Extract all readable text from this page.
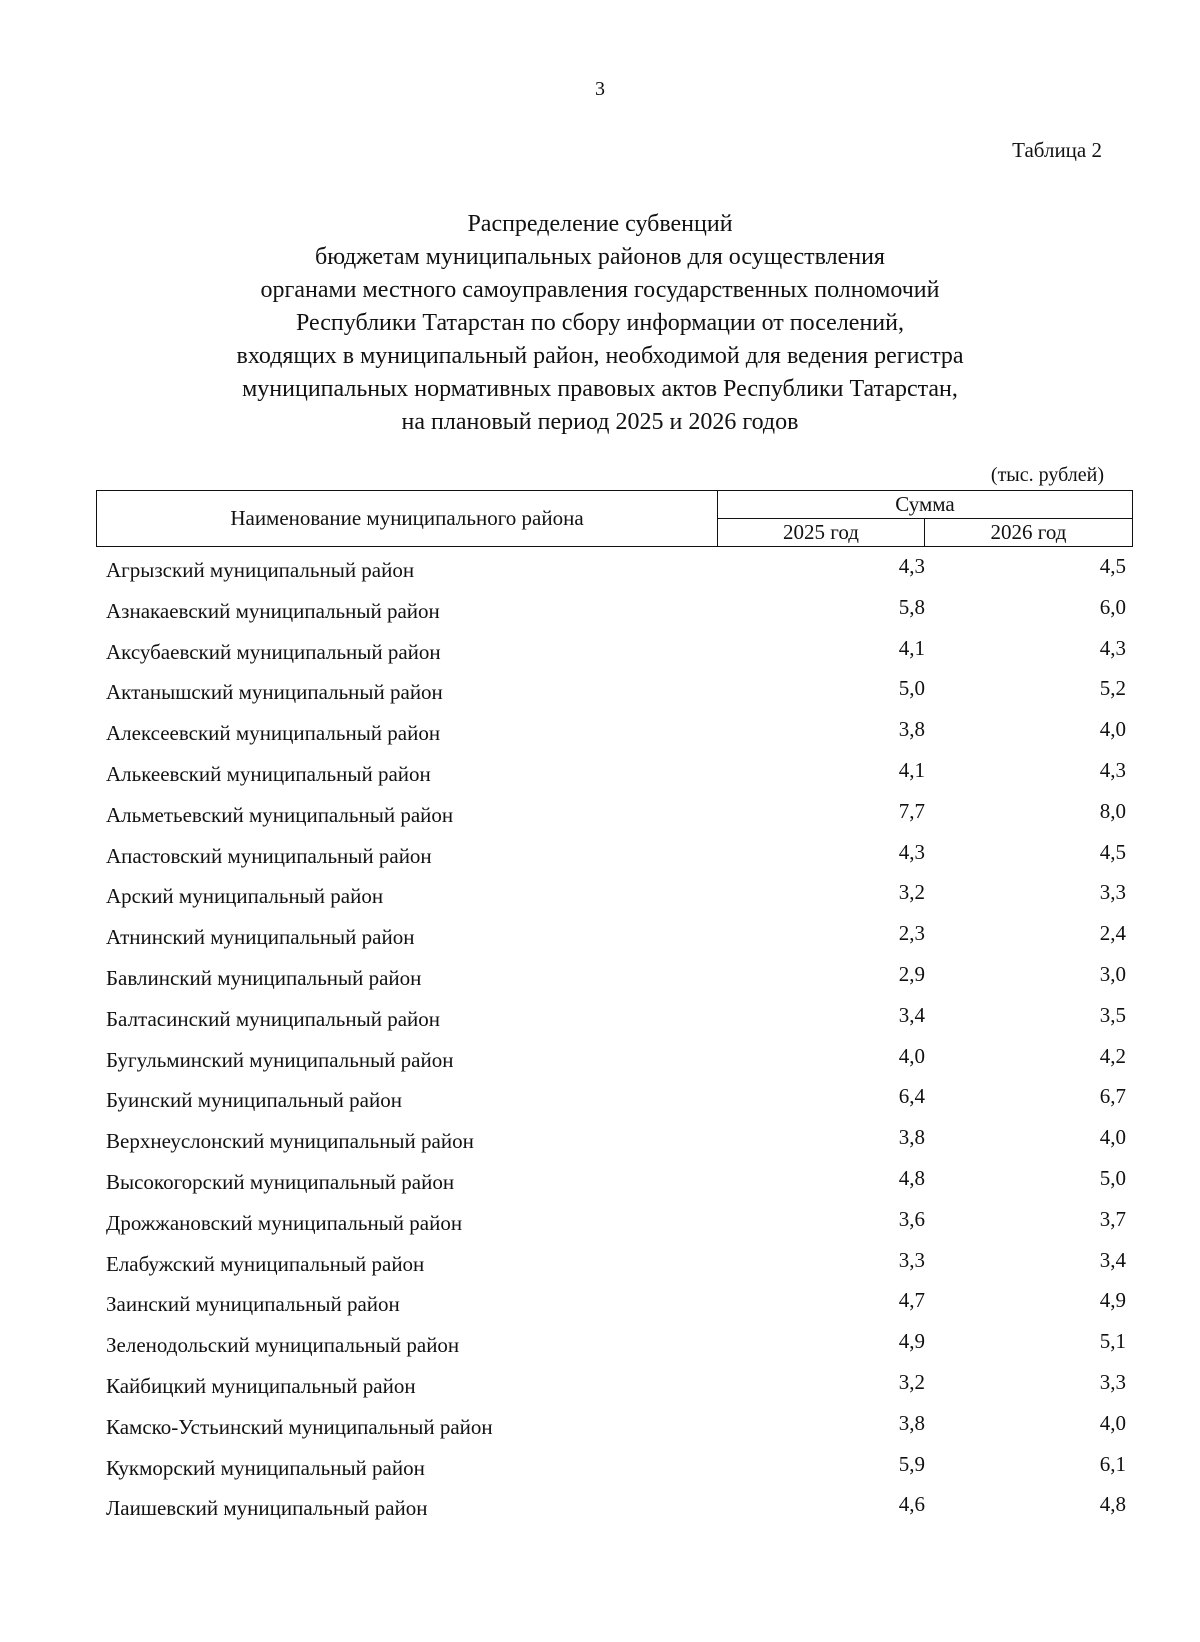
3
Таблица 2
Распределение субвенций
бюджетам муниципальных районов для осуществления
органами местного самоуправления государственных полномочий
Республики Татарстан по сбору информации от поселений,
входящих в муниципальный район, необходимой для ведения регистра
муниципальных нормативных правовых актов Республики Татарстан,
на плановый период 2025 и 2026 годов
(тыс. рублей)
Наименование муниципального района
Сумма
2025 год	2026 год
Агрызский муниципальный район	4,3	4,5
Азнакаевский муниципальный район	5,8	6,0
Аксубаевский муниципальный район	4,1	4,3
Актанышский муниципальный район	5,0	5,2
Алексеевский муниципальный район	3,8	4,0
Алькеевский муниципальный район	4,1	4,3
Альметьевский муниципальный район	7,7	8,0
Апастовский муниципальный район	4,3	4,5
Арский муниципальный район	3,2	3,3
Атнинский муниципальный район	2,3	2,4
Бавлинский муниципальный район	2,9	3,0
Балтасинский муниципальный район	3,4	3,5
Бугульминский муниципальный район	4,0	4,2
Буинский муниципальный район	6,4	6,7
Верхнеуслонский муниципальный район	3,8	4,0
Высокогорский муниципальный район	4,8	5,0
Дрожжановский муниципальный район	3,6	3,7
Елабужский муниципальный район	3,3	3,4
Заинский муниципальный район	4,7	4,9
Зеленодольский муниципальный район	4,9	5,1
Кайбицкий муниципальный район	3,2	3,3
Камско-Устьинский муниципальный район	3,8	4,0
Кукморский муниципальный район	5,9	6,1
Лаишевский муниципальный район	4,6	4,8
